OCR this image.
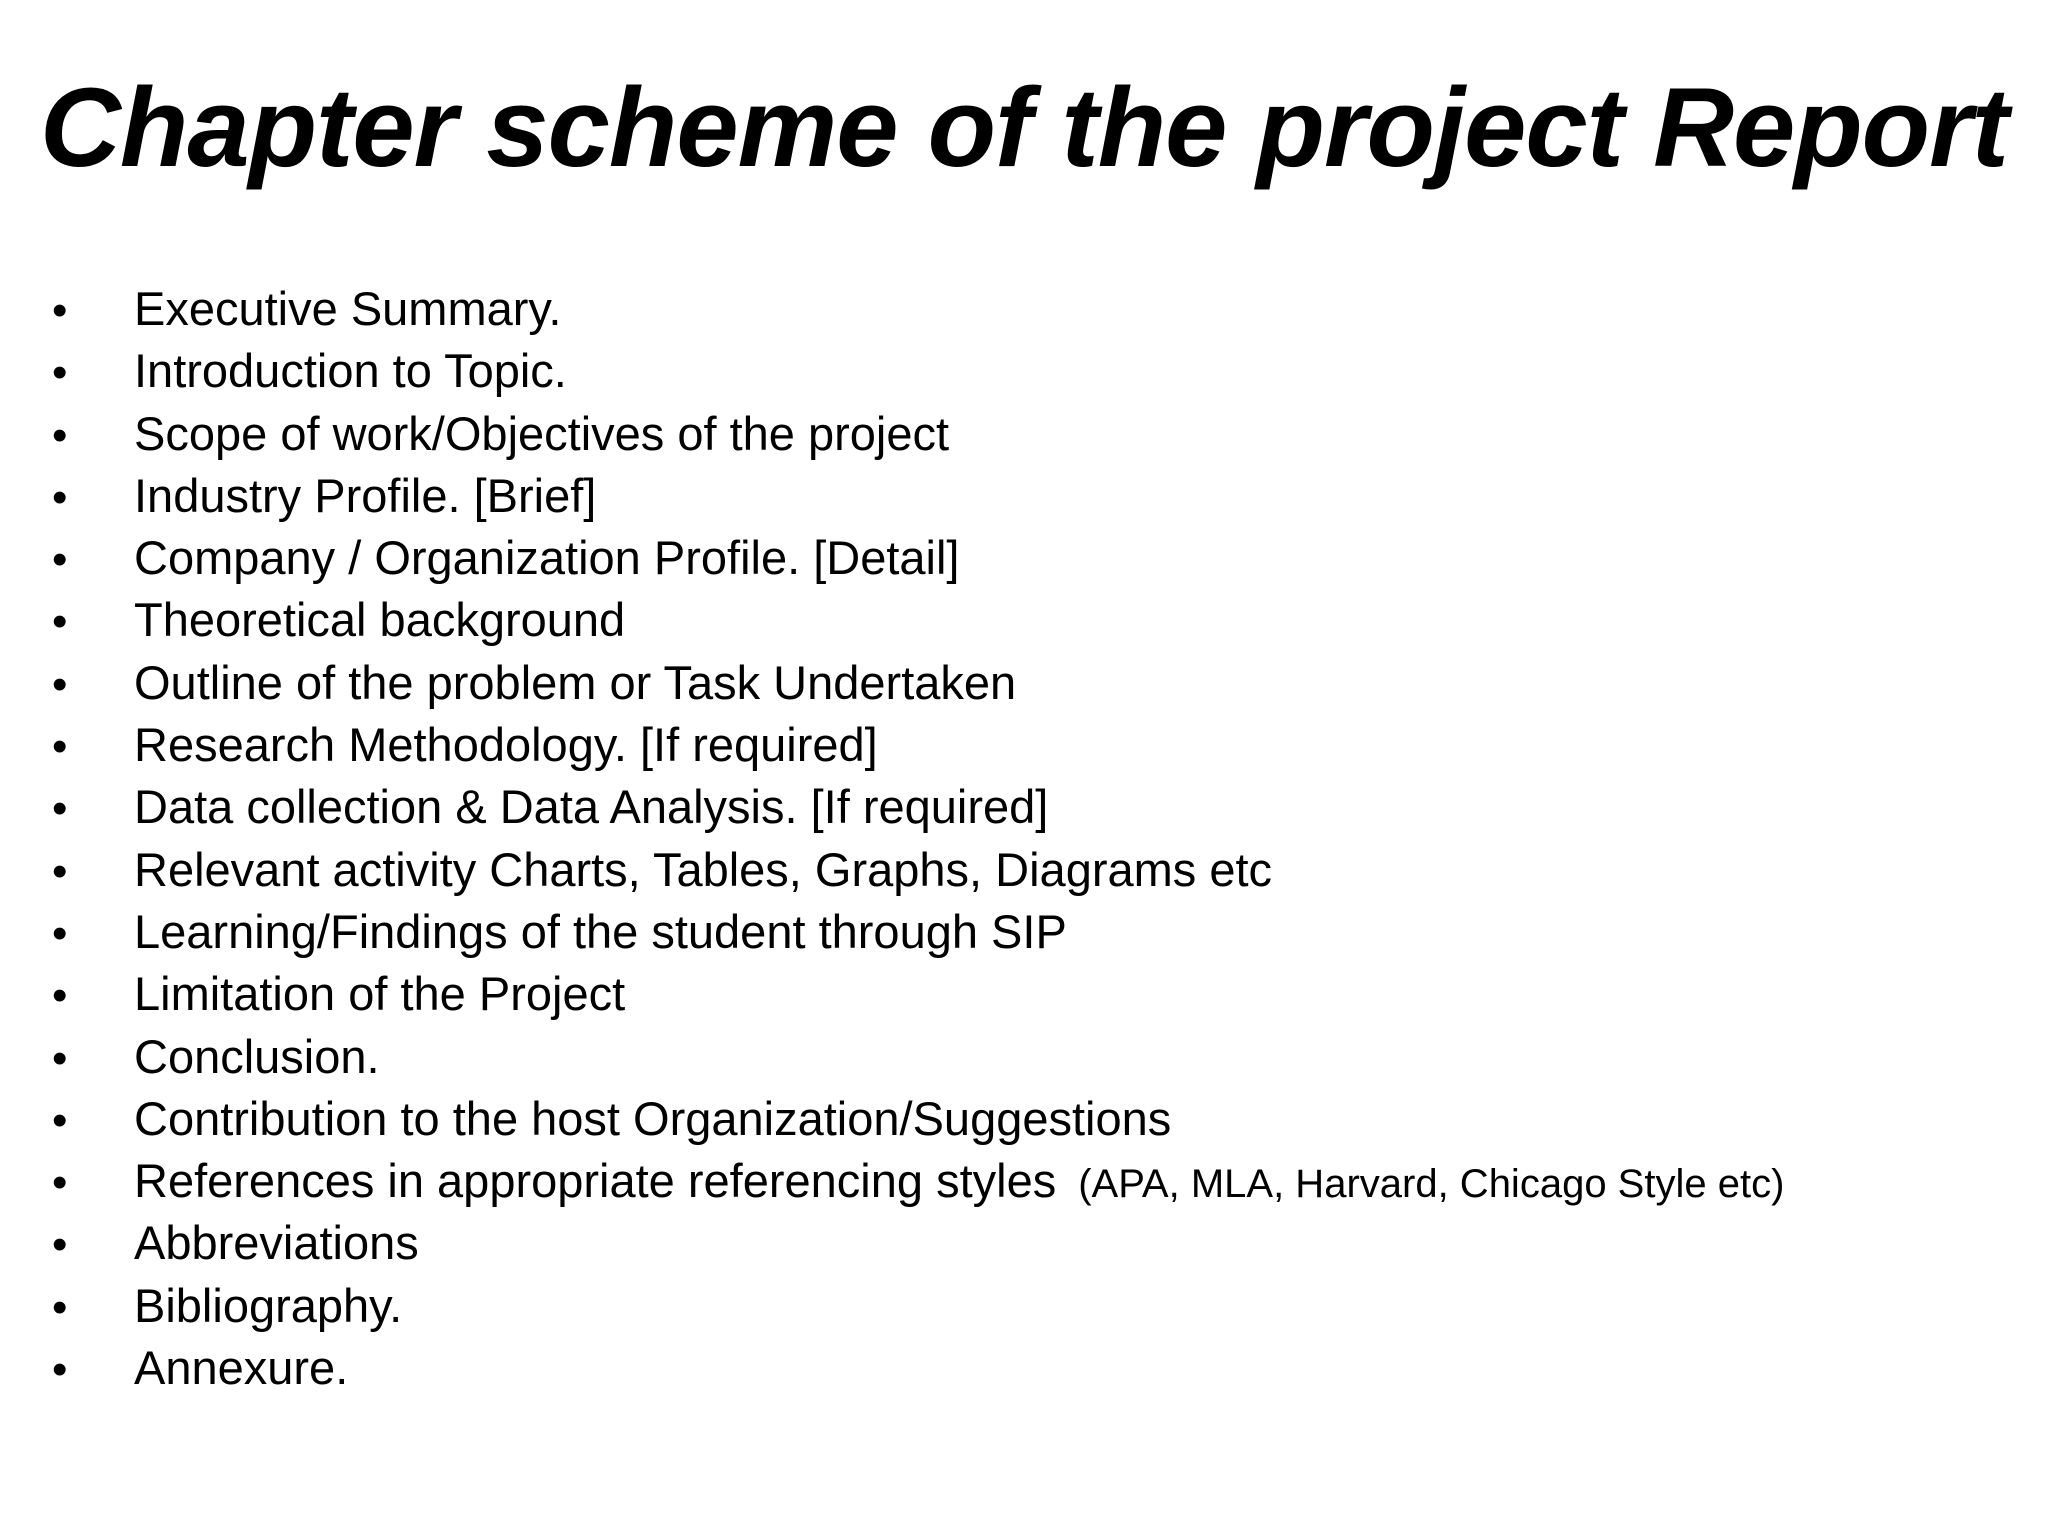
Chapter scheme of the project Report
•	Executive Summary.
•	Introduction to Topic.
•	Scope of work/Objectives of the project
•	Industry Profile. [Brief]
•	Company / Organization Profile. [Detail]
•	Theoretical background
•	Outline of the problem or Task Undertaken
•	Research Methodology. [If required]
•	Data collection & Data Analysis. [If required]
•	Relevant activity Charts, Tables, Graphs, Diagrams etc
•	Learning/Findings of the student through SIP
•	Limitation of the Project
•	Conclusion.
•	Contribution to the host Organization/Suggestions
•	References in appropriate referencing styles (APA, MLA, Harvard, Chicago Style etc)
•	Abbreviations
•	Bibliography.
•	Annexure.
